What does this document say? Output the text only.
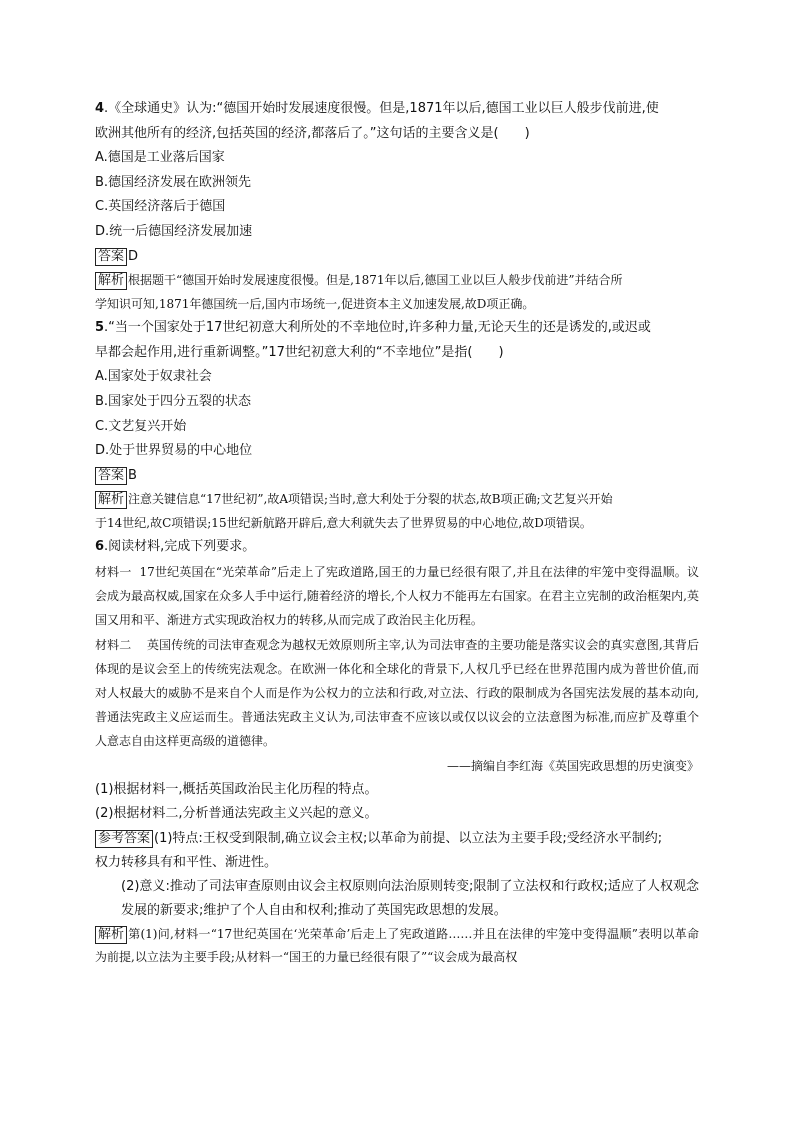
4.《全球通史》认为:“德国开始时发展速度很慢。但是,1871年以后,德国工业以巨人般步伐前进,使
欧洲其他所有的经济,包括英国的经济,都落后了。”这句话的主要含义是(　　)
A.德国是工业落后国家
B.德国经济发展在欧洲领先
C.英国经济落后于德国
D.统一后德国经济发展加速
答案 D
解析 根据题干“德国开始时发展速度很慢。但是,1871年以后,德国工业以巨人般步伐前进”并结合所
学知识可知,1871年德国统一后,国内市场统一,促进资本主义加速发展,故D项正确。
5.“当一个国家处于17世纪初意大利所处的不幸地位时,许多种力量,无论天生的还是诱发的,或迟或
早都会起作用,进行重新调整。”17世纪初意大利的“不幸地位”是指(　　)
A.国家处于奴隶社会
B.国家处于四分五裂的状态
C.文艺复兴开始
D.处于世界贸易的中心地位
答案 B
解析 注意关键信息“17世纪初”,故A项错误;当时,意大利处于分裂的状态,故B项正确;文艺复兴开始
于14世纪,故C项错误;15世纪新航路开辟后,意大利就失去了世界贸易的中心地位,故D项错误。
6.阅读材料,完成下列要求。
材料一 17世纪英国在“光荣革命”后走上了宪政道路,国王的力量已经很有限了,并且在法律的牢笼中变得温顺。议会成为最高权威,国家在众多人手中运行,随着经济的增长,个人权力不能再左右国家。在君主立宪制的政治框架内,英国又用和平、渐进方式实现政治权力的转移,从而完成了政治民主化历程。
材料二 英国传统的司法审查观念为越权无效原则所主宰,认为司法审查的主要功能是落实议会的真实意图,其背后体现的是议会至上的传统宪法观念。在欧洲一体化和全球化的背景下,人权几乎已经在世界范围内成为普世价值,而对人权最大的威胁不是来自个人而是作为公权力的立法和行政,对立法、行政的限制成为各国宪法发展的基本动向,普通法宪政主义应运而生。普通法宪政主义认为,司法审查不应该以或仅以议会的立法意图为标准,而应扩及尊重个人意志自由这样更高级的道德律。
——摘编自李红海《英国宪政思想的历史演变》
(1)根据材料一,概括英国政治民主化历程的特点。
(2)根据材料二,分析普通法宪政主义兴起的意义。
参考答案 (1)特点:王权受到限制,确立议会主权;以革命为前提、以立法为主要手段;受经济水平制约;
权力转移具有和平性、渐进性。
(2)意义:推动了司法审查原则由议会主权原则向法治原则转变;限制了立法权和行政权;适应了人权观念发展的新要求;维护了个人自由和权利;推动了英国宪政思想的发展。
解析 第(1)问,材料一“17世纪英国在‘光荣革命’后走上了宪政道路……并且在法律的牢笼中变得温顺”表明以革命为前提,以立法为主要手段;从材料一“国王的力量已经很有限了”“议会成为最高权
